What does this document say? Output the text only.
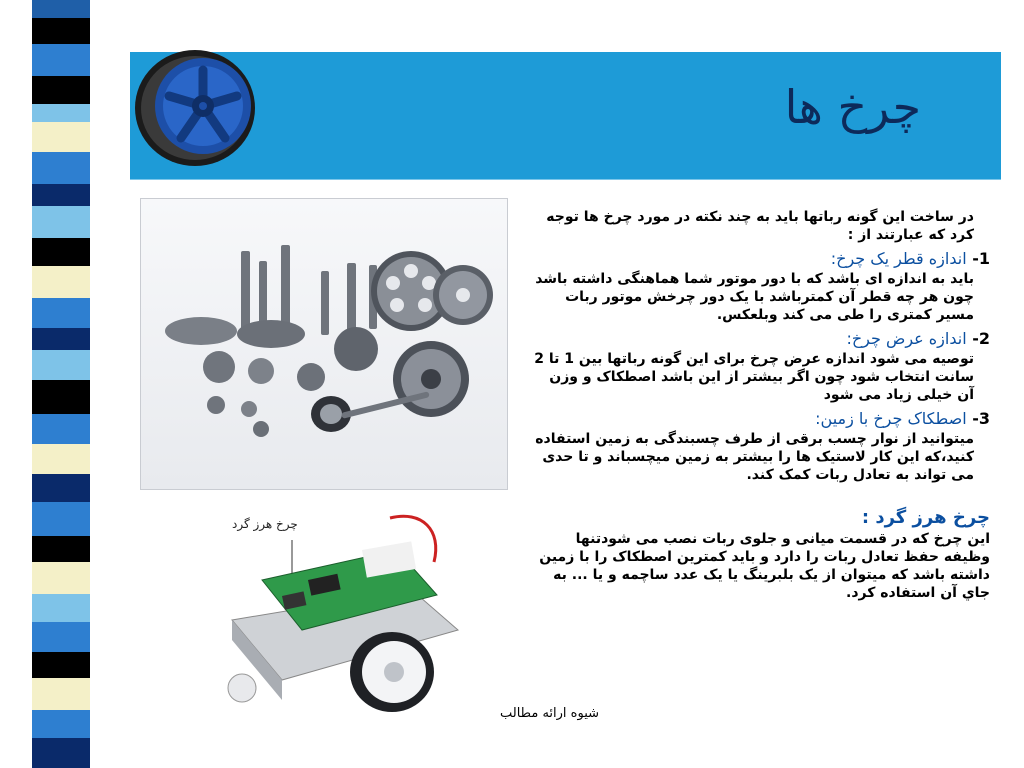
چرخ ها
چرخ هرز گرد

در ساخت این گونه رباتها باید به چند نکته در مورد چرخ ها توجه کرد که عبارتند از :

1- اندازه قطر یک چرخ:

باید به اندازه ای باشد که با دور موتور شما هماهنگی داشته باشد چون هر چه قطر آن کمترباشد با یک دور چرخش موتور ربات مسیر کمتری را طی می کند وبلعکس.

2- اندازه عرض چرخ:

توصیه می شود اندازه عرض چرخ برای این گونه رباتها بین 1 تا 2 سانت انتخاب شود چون اگر بیشتر از این باشد اصطکاک و وزن آن خیلی زیاد می شود

3- اصطکاک چرخ با زمین:

میتوانید از نوار چسب برقی از طرف چسبندگی به زمین استفاده کنید،که این کار لاستیک ها را بیشتر به زمین میچسباند و تا حدی می تواند به تعادل ربات کمک کند.

چرخ هرز گرد :

این چرخ که در قسمت میانی و جلوی ربات نصب می شودتنها وظیفه حفظ تعادل ربات را دارد و باید کمترین اصطکاک را با زمین داشته باشد که میتوان از یک بلبرینگ یا یک عدد ساچمه و یا ... به جاي آن استفاده کرد.

شیوه ارائه مطالب
